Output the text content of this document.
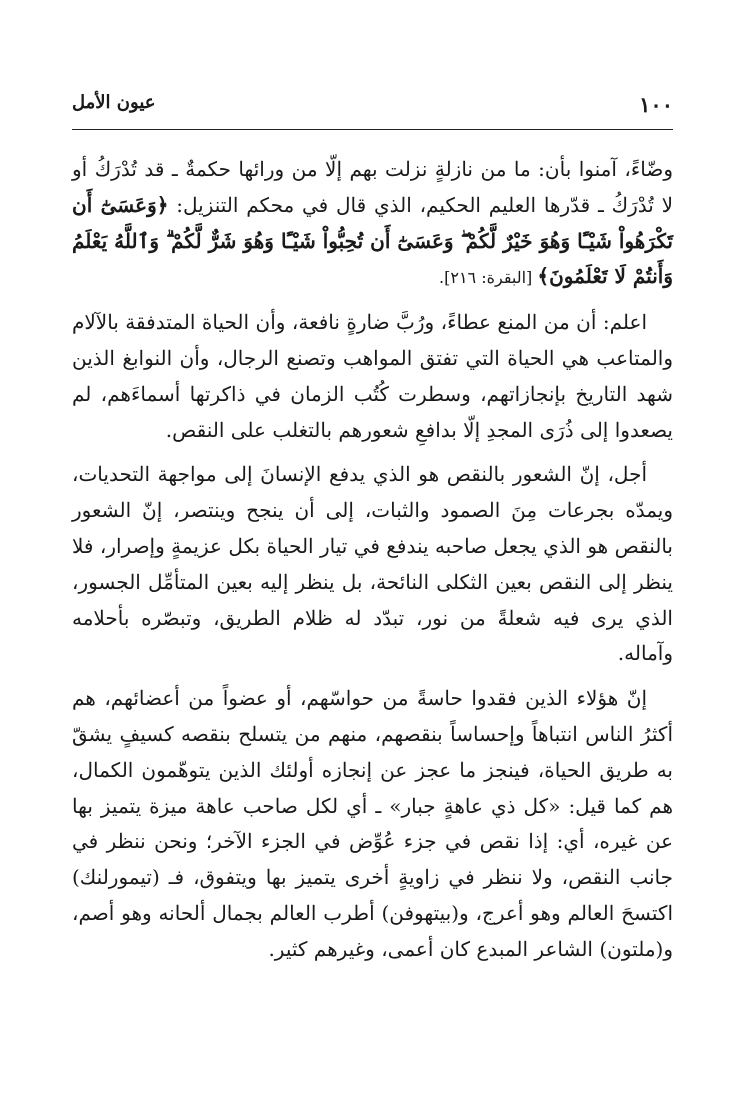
١٠٠
عيون الأمل

وضّاءً، آمنوا بأن: ما من نازلةٍ نزلت بهم إلّا من ورائها حكمةٌ ـ قد تُدْرَكُ أو لا تُدْرَكُ ـ قدّرها العليم الحكيم، الذي قال في محكم التنزيل: ﴿وَعَسَىٰٓ أَن تَكْرَهُواْ شَيْـًٔا وَهُوَ خَيْرٌ لَّكُمْ ۖ وَعَسَىٰٓ أَن تُحِبُّواْ شَيْـًٔا وَهُوَ شَرٌّ لَّكُمْ ۗ وَٱللَّهُ يَعْلَمُ وَأَنتُمْ لَا تَعْلَمُونَ﴾ [البقرة: ٢١٦].

اعلم: أن من المنع عطاءً، ورُبَّ ضارةٍ نافعة، وأن الحياة المتدفقة بالآلام والمتاعب هي الحياة التي تفتق المواهب وتصنع الرجال، وأن النوابغ الذين شهد التاريخ بإنجازاتهم، وسطرت كُتُب الزمان في ذاكرتها أسماءَهم، لم يصعدوا إلى ذُرَى المجدِ إلّا بدافعِ شعورهم بالتغلب على النقص.

أجل، إنّ الشعور بالنقص هو الذي يدفع الإنسانَ إلى مواجهة التحديات، ويمدّه بجرعات مِنَ الصمود والثبات، إلى أن ينجح وينتصر، إنّ الشعور بالنقص هو الذي يجعل صاحبه يندفع في تيار الحياة بكل عزيمةٍ وإصرار، فلا ينظر إلى النقص بعين الثكلى النائحة، بل ينظر إليه بعين المتأمِّل الجسور، الذي يرى فيه شعلةً من نور، تبدّد له ظلام الطريق، وتبصّره بأحلامه وآماله.

إنّ هؤلاء الذين فقدوا حاسةً من حواسّهم، أو عضواً من أعضائهم، هم أكثرُ الناس انتباهاً وإحساساً بنقصهم، منهم من يتسلح بنقصه كسيفٍ يشقّ به طريق الحياة، فينجز ما عجز عن إنجازه أولئك الذين يتوهّمون الكمال، هم كما قيل: «كل ذي عاهةٍ جبار» ـ أي لكل صاحب عاهة ميزة يتميز بها عن غيره، أي: إذا نقص في جزء عُوِّض في الجزء الآخر؛ ونحن ننظر في جانب النقص، ولا ننظر في زاويةٍ أخرى يتميز بها ويتفوق، فـ (تيمورلنك) اكتسحَ العالم وهو أعرج، و(بيتهوفن) أطرب العالم بجمال ألحانه وهو أصم، و(ملتون) الشاعر المبدع كان أعمى، وغيرهم كثير.
